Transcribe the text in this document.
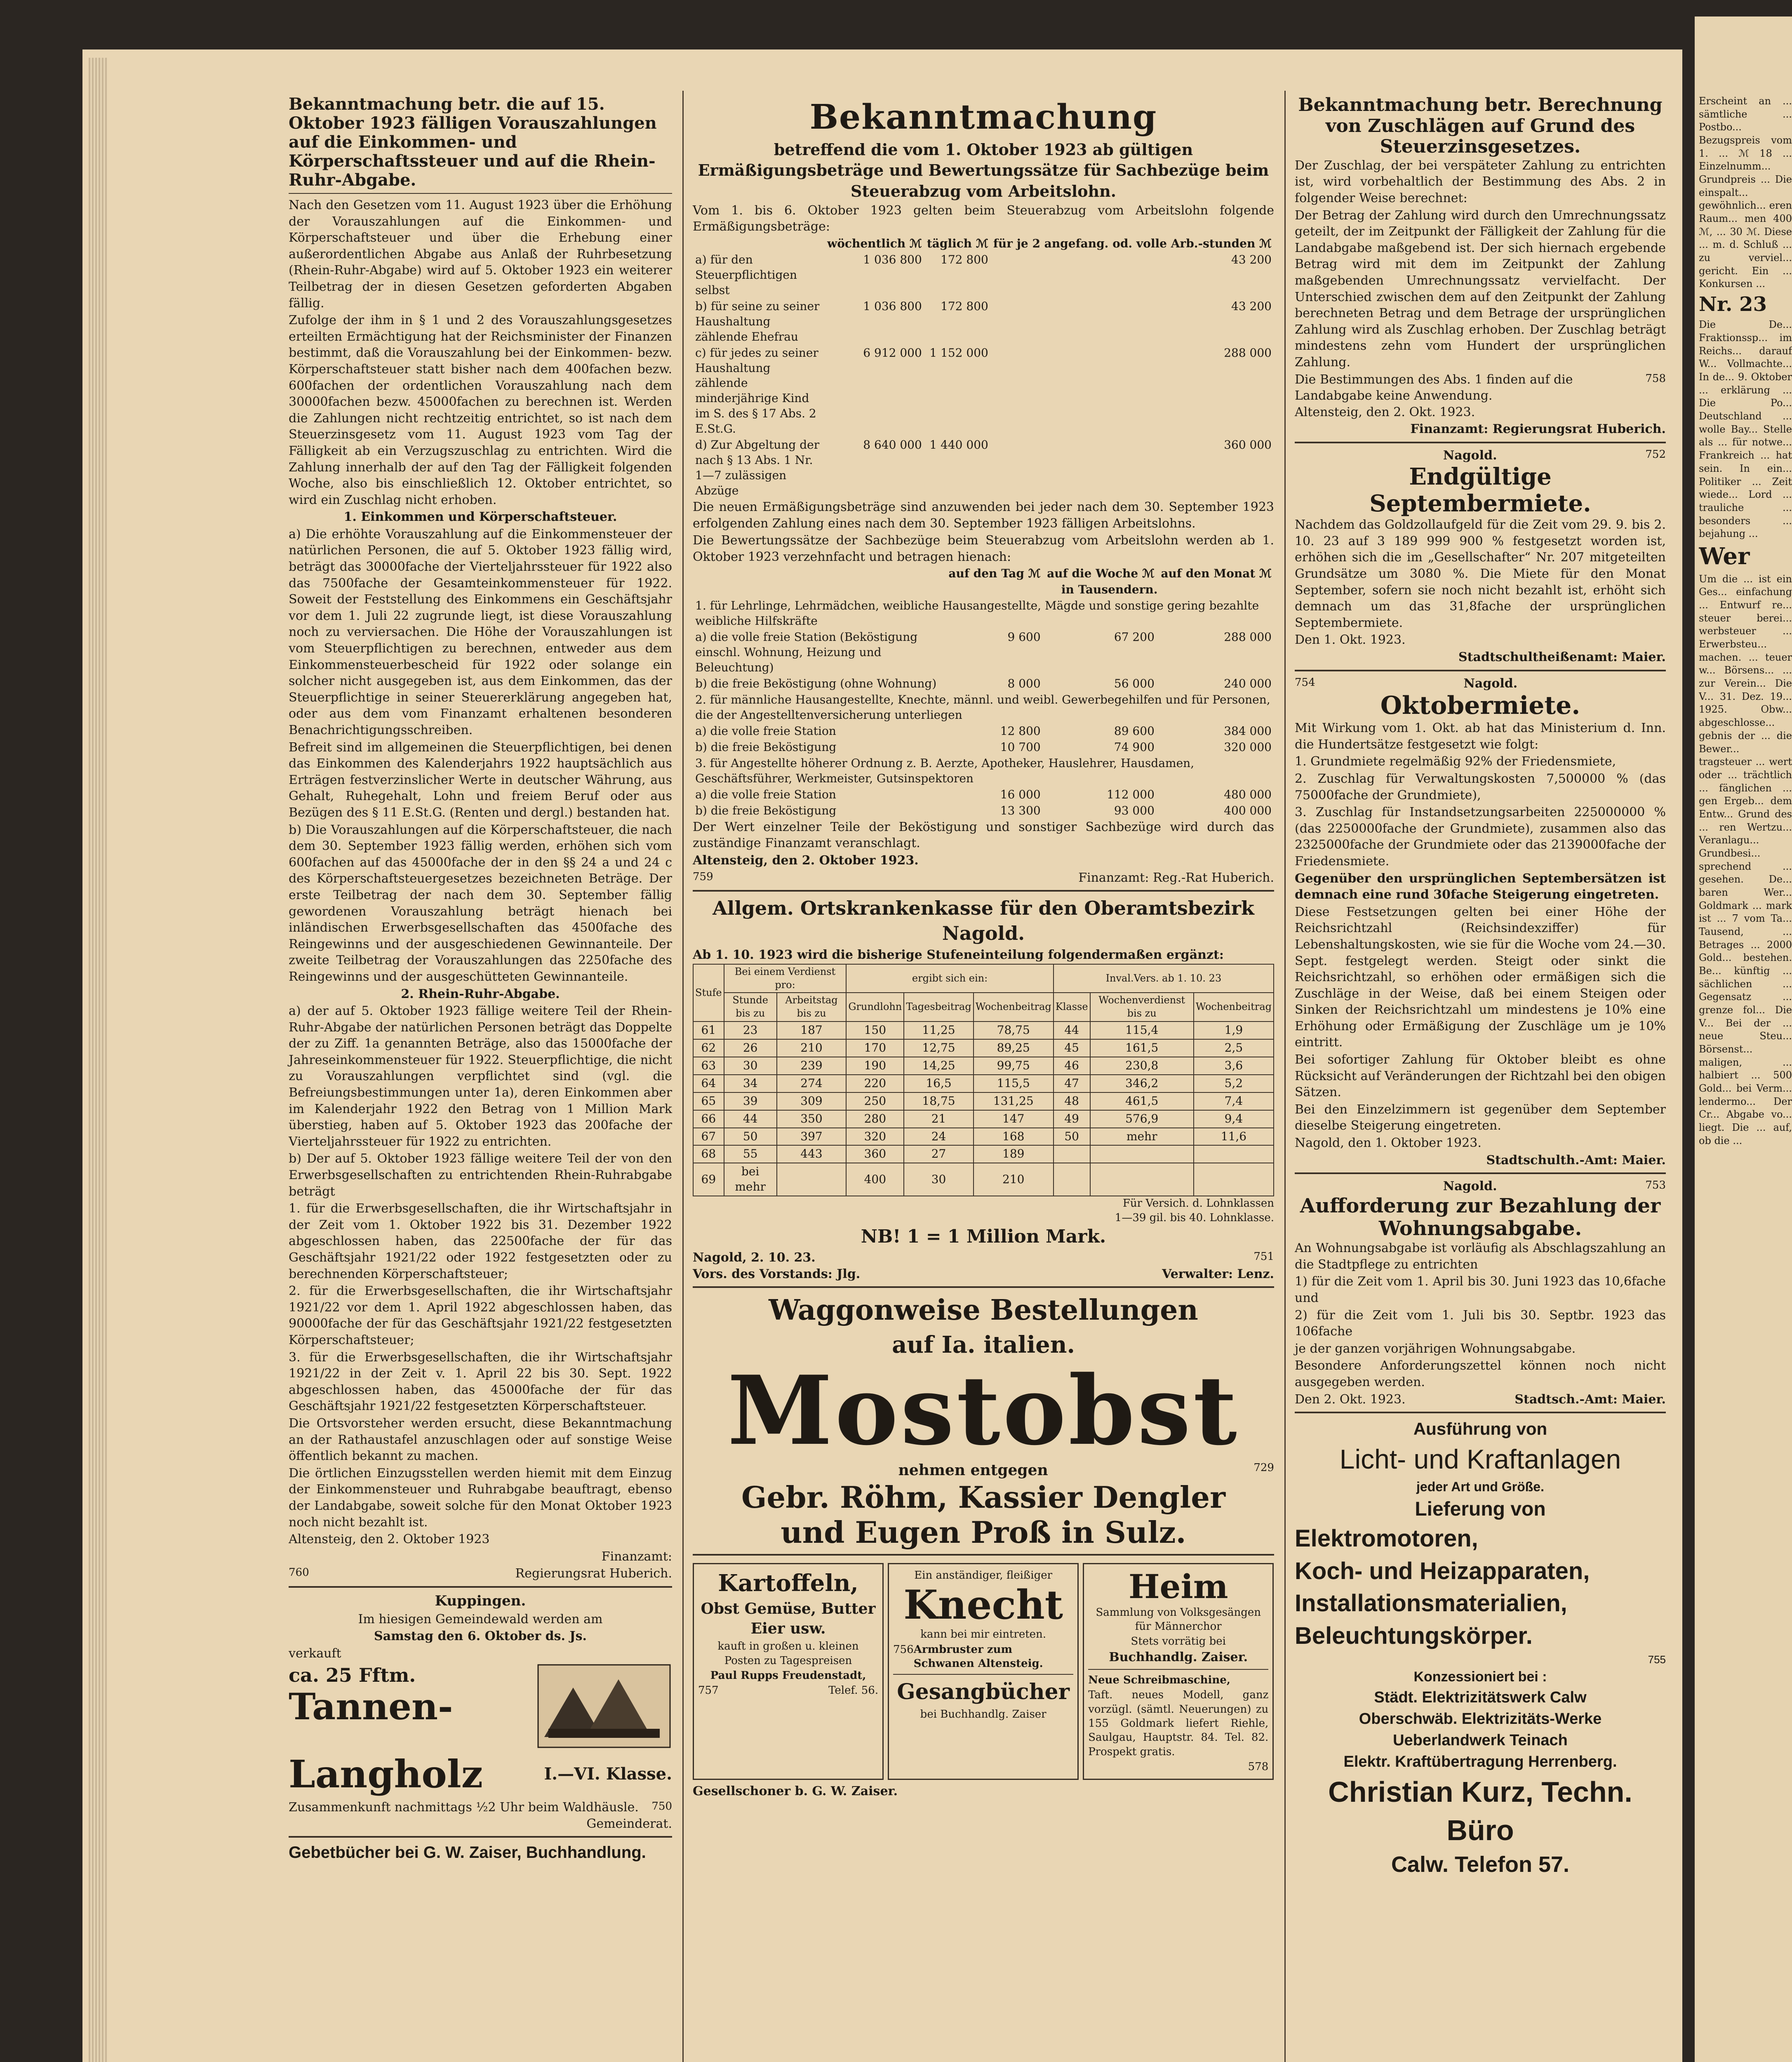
Bekanntmachung betr. die auf 15. Oktober 1923 fälligen Vorauszahlungen auf die Einkommen- und Körperschaftssteuer und auf die Rhein-Ruhr-Abgabe.

Nach den Gesetzen vom 11. August 1923 über die Erhöhung der Vorauszahlungen auf die Einkommen- und Körperschaftsteuer und über die Erhebung einer außerordentlichen Abgabe aus Anlaß der Ruhrbesetzung (Rhein-Ruhr-Abgabe) wird auf 5. Oktober 1923 ein weiterer Teilbetrag der in diesen Gesetzen geforderten Abgaben fällig.

Zufolge der ihm in § 1 und 2 des Vorauszahlungsgesetzes erteilten Ermächtigung hat der Reichsminister der Finanzen bestimmt, daß die Vorauszahlung bei der Einkommen- bezw. Körperschaftsteuer statt bisher nach dem 400fachen bezw. 600fachen der ordentlichen Vorauszahlung nach dem 30000fachen bezw. 45000fachen zu berechnen ist. Werden die Zahlungen nicht rechtzeitig entrichtet, so ist nach dem Steuerzinsgesetz vom 11. August 1923 vom Tag der Fälligkeit ab ein Verzugszuschlag zu entrichten. Wird die Zahlung innerhalb der auf den Tag der Fälligkeit folgenden Woche, also bis einschließlich 12. Oktober entrichtet, so wird ein Zuschlag nicht erhoben.

1. Einkommen und Körperschaftsteuer.

a) Die erhöhte Vorauszahlung auf die Einkommensteuer der natürlichen Personen, die auf 5. Oktober 1923 fällig wird, beträgt das 30000fache der Vierteljahrssteuer für 1922 also das 7500fache der Gesamteinkommensteuer für 1922. Soweit der Feststellung des Einkommens ein Geschäftsjahr vor dem 1. Juli 22 zugrunde liegt, ist diese Vorauszahlung noch zu verviersachen. Die Höhe der Vorauszahlungen ist vom Steuerpflichtigen zu berechnen, entweder aus dem Einkommensteuerbescheid für 1922 oder solange ein solcher nicht ausgegeben ist, aus dem Einkommen, das der Steuerpflichtige in seiner Steuererklärung angegeben hat, oder aus dem vom Finanzamt erhaltenen besonderen Benachrichtigungsschreiben.

Befreit sind im allgemeinen die Steuerpflichtigen, bei denen das Einkommen des Kalenderjahrs 1922 hauptsächlich aus Erträgen festverzinslicher Werte in deutscher Währung, aus Gehalt, Ruhegehalt, Lohn und freiem Beruf oder aus Bezügen des § 11 E.St.G. (Renten und dergl.) bestanden hat.

b) Die Vorauszahlungen auf die Körperschaftsteuer, die nach dem 30. September 1923 fällig werden, erhöhen sich vom 600fachen auf das 45000fache der in den §§ 24 a und 24 c des Körperschaftsteuergesetzes bezeichneten Beträge. Der erste Teilbetrag der nach dem 30. September fällig gewordenen Vorauszahlung beträgt hienach bei inländischen Erwerbsgesellschaften das 4500fache des Reingewinns und der ausgeschiedenen Gewinnanteile. Der zweite Teilbetrag der Vorauszahlungen das 2250fache des Reingewinns und der ausgeschütteten Gewinnanteile.

2. Rhein-Ruhr-Abgabe.

a) der auf 5. Oktober 1923 fällige weitere Teil der Rhein-Ruhr-Abgabe der natürlichen Personen beträgt das Doppelte der zu Ziff. 1a genannten Beträge, also das 15000fache der Jahreseinkommensteuer für 1922. Steuerpflichtige, die nicht zu Vorauszahlungen verpflichtet sind (vgl. die Befreiungsbestimmungen unter 1a), deren Einkommen aber im Kalenderjahr 1922 den Betrag von 1 Million Mark überstieg, haben auf 5. Oktober 1923 das 200fache der Vierteljahrssteuer für 1922 zu entrichten.

b) Der auf 5. Oktober 1923 fällige weitere Teil der von den Erwerbsgesellschaften zu entrichtenden Rhein-Ruhrabgabe beträgt

1. für die Erwerbsgesellschaften, die ihr Wirtschaftsjahr in der Zeit vom 1. Oktober 1922 bis 31. Dezember 1922 abgeschlossen haben, das 22500fache der für das Geschäftsjahr 1921/22 oder 1922 festgesetzten oder zu berechnenden Körperschaftsteuer;

2. für die Erwerbsgesellschaften, die ihr Wirtschaftsjahr 1921/22 vor dem 1. April 1922 abgeschlossen haben, das 90000fache der für das Geschäftsjahr 1921/22 festgesetzten Körperschaftsteuer;

3. für die Erwerbsgesellschaften, die ihr Wirtschaftsjahr 1921/22 in der Zeit v. 1. April 22 bis 30. Sept. 1922 abgeschlossen haben, das 45000fache der für das Geschäftsjahr 1921/22 festgesetzten Körperschaftsteuer.

Die Ortsvorsteher werden ersucht, diese Bekanntmachung an der Rathaustafel anzuschlagen oder auf sonstige Weise öffentlich bekannt zu machen.

Die örtlichen Einzugsstellen werden hiemit mit dem Einzug der Einkommensteuer und Ruhrabgabe beauftragt, ebenso der Landabgabe, soweit solche für den Monat Oktober 1923 noch nicht bezahlt ist.

Altensteig, den 2. Oktober 1923

Finanzamt:

760	Regierungsrat Huberich.

Kuppingen.

Im hiesigen Gemeindewald werden am

Samstag den 6. Oktober ds. Js.

verkauft

ca. 25 Fftm.

Tannen-

Langholz	I.—VI. Klasse.
Zusammenkunft nachmittags ½2 Uhr beim Waldhäusle. 750

Gemeinderat.

Gebetbücher bei G. W. Zaiser, Buchhandlung.

Bekanntmachung

betreffend die vom 1. Oktober 1923 ab gültigen Ermäßigungsbeträge und Bewertungssätze für Sachbezüge beim Steuerabzug vom Arbeitslohn.

Vom 1. bis 6. Oktober 1923 gelten beim Steuerabzug vom Arbeitslohn folgende Ermäßigungsbeträge:

	wöchentlich ℳ	täglich ℳ	für je 2 angefang. od. volle Arb.-stunden ℳ
a) für den Steuerpflichtigen selbst	1 036 800	172 800	43 200
b) für seine zu seiner Haushaltung zählende Ehefrau	1 036 800	172 800	43 200
c) für jedes zu seiner Haushaltung zählende minderjährige Kind im S. des § 17 Abs. 2 E.St.G.	6 912 000	1 152 000	288 000
d) Zur Abgeltung der nach § 13 Abs. 1 Nr. 1—7 zulässigen Abzüge	8 640 000	1 440 000	360 000

Die neuen Ermäßigungsbeträge sind anzuwenden bei jeder nach dem 30. September 1923 erfolgenden Zahlung eines nach dem 30. September 1923 fälligen Arbeitslohns.

Die Bewertungssätze der Sachbezüge beim Steuerabzug vom Arbeitslohn werden ab 1. Oktober 1923 verzehnfacht und betragen hienach:

	auf den Tag ℳ	auf die Woche ℳ	auf den Monat ℳ
	in Tausendern.		
1. für Lehrlinge, Lehrmädchen, weibliche Hausangestellte, Mägde und sonstige gering bezahlte weibliche Hilfskräfte			
a) die volle freie Station (Beköstigung einschl. Wohnung, Heizung und Beleuchtung)	9 600	67 200	288 000
b) die freie Beköstigung (ohne Wohnung)	8 000	56 000	240 000
2. für männliche Hausangestellte, Knechte, männl. und weibl. Gewerbegehilfen und für Personen, die der Angestelltenversicherung unterliegen			
a) die volle freie Station	12 800	89 600	384 000
b) die freie Beköstigung	10 700	74 900	320 000
3. für Angestellte höherer Ordnung z. B. Aerzte, Apotheker, Hauslehrer, Hausdamen, Geschäftsführer, Werkmeister, Gutsinspektoren			
a) die volle freie Station	16 000	112 000	480 000
b) die freie Beköstigung	13 300	93 000	400 000

Der Wert einzelner Teile der Beköstigung und sonstiger Sachbezüge wird durch das zuständige Finanzamt veranschlagt.

Altensteig, den 2. Oktober 1923.

759	Finanzamt: Reg.-Rat Huberich.

Allgem. Ortskrankenkasse für den Oberamtsbezirk Nagold.

Ab 1. 10. 1923 wird die bisherige Stufeneinteilung folgendermaßen ergänzt:

Stufe	Bei einem Verdienst pro:		ergibt sich ein:			Inval.Vers. ab 1. 10. 23		
	Stunde bis zu	Arbeitstag bis zu	Grundlohn	Tagesbeitrag	Wochenbeitrag	Klasse	Wochenverdienst bis zu	Wochenbeitrag
61	23	187	150	11,25	78,75	44	115,4	1,9
62	26	210	170	12,75	89,25	45	161,5	2,5
63	30	239	190	14,25	99,75	46	230,8	3,6
64	34	274	220	16,5	115,5	47	346,2	5,2
65	39	309	250	18,75	131,25	48	461,5	7,4
66	44	350	280	21	147	49	576,9	9,4
67	50	397	320	24	168	50	mehr	11,6
68	55	443	360	27	189			
69	bei mehr		400	30	210			
Für Versich. d. Lohnklassen
1—39 gil. bis 40. Lohnklasse.

NB! 1 = 1 Million Mark.

Nagold, 2. 10. 23.	751
Vors. des Vorstands: Jlg.	Verwalter: Lenz.

Waggonweise Bestellungen

auf Ia. italien.

Mostobst
nehmen entgegen	729

Gebr. Röhm, Kassier Dengler

und Eugen Proß in Sulz.

Kartoffeln,

Obst Gemüse, Butter Eier usw.

kauft in großen u. kleinen Posten zu Tagespreisen

Paul Rupps Freudenstadt,

757	Telef. 56.

Ein anständiger, fleißiger

Knecht

kann bei mir eintreten.

756 Armbruster zum Schwanen Altensteig.

Gesangbücher

bei Buchhandlg. Zaiser

Heim

Sammlung von Volksgesängen für Männerchor

Stets vorrätig bei

Buchhandlg. Zaiser.

Neue Schreibmaschine,

Taft. neues Modell, ganz vorzügl. (sämtl. Neuerungen) zu 155 Goldmark liefert Riehle, Saulgau, Hauptstr. 84. Tel. 82. Prospekt gratis.

578

Gesellschoner b. G. W. Zaiser.

Bekanntmachung betr. Berechnung von Zuschlägen auf Grund des Steuerzinsgesetzes.

Der Zuschlag, der bei verspäteter Zahlung zu entrichten ist, wird vorbehaltlich der Bestimmung des Abs. 2 in folgender Weise berechnet:

Der Betrag der Zahlung wird durch den Umrechnungssatz geteilt, der im Zeitpunkt der Fälligkeit der Zahlung für die Landabgabe maßgebend ist. Der sich hiernach ergebende Betrag wird mit dem im Zeitpunkt der Zahlung maßgebenden Umrechnungssatz vervielfacht. Der Unterschied zwischen dem auf den Zeitpunkt der Zahlung berechneten Betrag und dem Betrage der ursprünglichen Zahlung wird als Zuschlag erhoben. Der Zuschlag beträgt mindestens zehn vom Hundert der ursprünglichen Zahlung.

Die Bestimmungen des Abs. 1 finden auf die Landabgabe keine Anwendung.
758

Altensteig, den 2. Okt. 1923.

Finanzamt: Regierungsrat Huberich.

Nagold.	752
Endgültige Septembermiete.

Nachdem das Goldzollaufgeld für die Zeit vom 29. 9. bis 2. 10. 23 auf 3 189 999 900 % festgesetzt worden ist, erhöhen sich die im „Gesellschafter“ Nr. 207 mitgeteilten Grundsätze um 3080 %. Die Miete für den Monat September, sofern sie noch nicht bezahlt ist, erhöht sich demnach um das 31,8fache der ursprünglichen Septembermiete.

Den 1. Okt. 1923.

Stadtschultheißenamt: Maier.

754	Nagold.
Oktobermiete.

Mit Wirkung vom 1. Okt. ab hat das Ministerium d. Inn. die Hundertsätze festgesetzt wie folgt:

1. Grundmiete regelmäßig 92% der Friedensmiete,

2. Zuschlag für Verwaltungskosten 7,500000 % (das 75000fache der Grundmiete),

3. Zuschlag für Instandsetzungsarbeiten 225000000 % (das 2250000fache der Grundmiete), zusammen also das 2325000fache der Grundmiete oder das 2139000fache der Friedensmiete.

Gegenüber den ursprünglichen Septembersätzen ist demnach eine rund 30fache Steigerung eingetreten.

Diese Festsetzungen gelten bei einer Höhe der Reichsrichtzahl (Reichsindexziffer) für Lebenshaltungskosten, wie sie für die Woche vom 24.—30. Sept. festgelegt werden. Steigt oder sinkt die Reichsrichtzahl, so erhöhen oder ermäßigen sich die Zuschläge in der Weise, daß bei einem Steigen oder Sinken der Reichsrichtzahl um mindestens je 10% eine Erhöhung oder Ermäßigung der Zuschläge um je 10% eintritt.

Bei sofortiger Zahlung für Oktober bleibt es ohne Rücksicht auf Veränderungen der Richtzahl bei den obigen Sätzen.

Bei den Einzelzimmern ist gegenüber dem September dieselbe Steigerung eingetreten.

Nagold, den 1. Oktober 1923.

Stadtschulth.-Amt: Maier.

Nagold.	753
Aufforderung zur Bezahlung der Wohnungsabgabe.

An Wohnungsabgabe ist vorläufig als Abschlagszahlung an die Stadtpflege zu entrichten

1) für die Zeit vom 1. April bis 30. Juni 1923 das 10,6fache und

2) für die Zeit vom 1. Juli bis 30. Septbr. 1923 das 106fache

je der ganzen vorjährigen Wohnungsabgabe.

Besondere Anforderungszettel können noch nicht ausgegeben werden.

Den 2. Okt. 1923.	Stadtsch.-Amt: Maier.

Ausführung von

Licht- und Kraftanlagen

jeder Art und Größe.

Lieferung von

Elektromotoren,

Koch- und Heizapparaten,

Installationsmaterialien,

Beleuchtungskörper.

755

Konzessioniert bei :

Städt. Elektrizitätswerk Calw

Oberschwäb. Elektrizitäts-Werke

Ueberlandwerk Teinach

Elektr. Kraftübertragung Herrenberg.

Christian Kurz, Techn. Büro

Calw. Telefon 57.

Erscheint an ... sämtliche ... Postbo... Bezugspreis vom 1. ... ℳ 18 ... Einzelnumm... Grundpreis ... Die einspalt... gewöhnlich... eren Raum... men 400 ℳ, ... 30 ℳ. Diese ... m. d. Schluß ... zu verviel... gericht. Ein ... Konkursen ...

Nr. 23

Die De... Fraktionssp... im Reichs... darauf W... Vollmachte... In de... 9. Oktober ... erklärung ... Die Po... Deutschland ... wolle Bay... Stelle als ... für notwe... Frankreich ... hat sein. In ein... Politiker ... Zeit wiede... Lord ... trauliche ... besonders ... bejahung ...

Wer

Um die ... ist ein Ges... einfachung ... Entwurf re... steuer berei... werbsteuer ... Erwerbsteu... machen. ... teuer w... Börsens... ... zur Verein... Die V... 31. Dez. 19... 1925. Obw... abgeschlosse... gebnis der ... die Bewer... tragsteuer ... wert oder ... trächtlich ... fänglichen ... gen Ergeb... dem Entw... Grund des ... ren Wertzu... Veranlagu... Grundbesi... sprechend ... gesehen. De... baren Wer... Goldmark ... mark ist ... 7 vom Ta... Tausend, ... Betrages ... 2000 Gold... bestehen. Be... künftig ... sächlichen ... Gegensatz ... grenze fol... Die V... Bei der ... neue Steu... Börsenst... maligen, ... halbiert ... 500 Gold... bei Verm... lendermo... Der Cr... Abgabe vo... liegt. Die ... auf, ob die ...
